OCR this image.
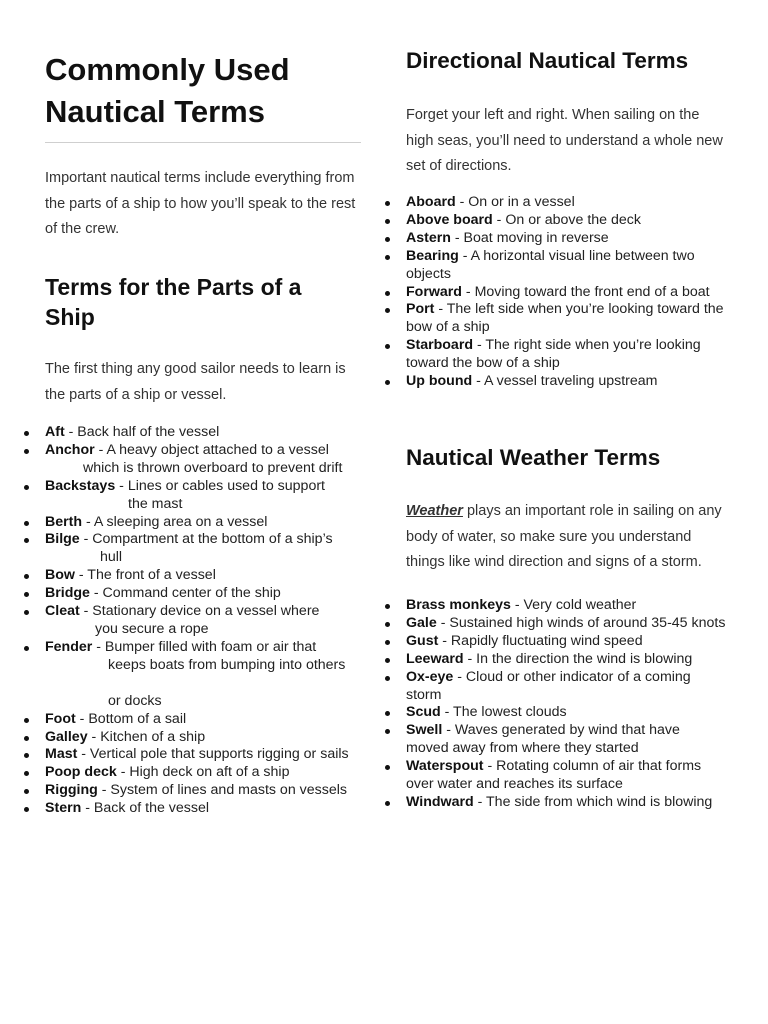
Commonly Used
Nautical Terms

Important nautical terms include everything from the parts of a ship to how you’ll speak to the rest of the crew.

Terms for the Parts of a Ship

The first thing any good sailor needs to learn is the parts of a ship or vessel.

Aft - Back half of the vessel
Anchor - A heavy object attached to a vessel
which is thrown overboard to prevent drift
Backstays - Lines or cables used to support
the mast
Berth - A sleeping area on a vessel
Bilge - Compartment at the bottom of a ship’s
hull
Bow - The front of a vessel
Bridge - Command center of the ship
Cleat - Stationary device on a vessel where
you secure a rope
Fender - Bumper filled with foam or air that
keeps boats from bumping into others
or docks
Foot - Bottom of a sail
Galley - Kitchen of a ship
Mast - Vertical pole that supports rigging or sails
Poop deck - High deck on aft of a ship
Rigging - System of lines and masts on vessels
Stern - Back of the vessel
Directional Nautical Terms

Forget your left and right. When sailing on the high seas, you’ll need to understand a whole new set of directions.

Aboard - On or in a vessel
Above board - On or above the deck
Astern - Boat moving in reverse
Bearing - A horizontal visual line between two objects
Forward - Moving toward the front end of a boat
Port - The left side when you’re looking toward the bow of a ship
Starboard - The right side when you’re looking toward the bow of a ship
Up bound - A vessel traveling upstream
Nautical Weather Terms

Weather plays an important role in sailing on any body of water, so make sure you understand things like wind direction and signs of a storm.

Brass monkeys - Very cold weather
Gale - Sustained high winds of around 35-45 knots
Gust - Rapidly fluctuating wind speed
Leeward - In the direction the wind is blowing
Ox-eye - Cloud or other indicator of a coming storm
Scud - The lowest clouds
Swell - Waves generated by wind that have moved away from where they started
Waterspout - Rotating column of air that forms over water and reaches its surface
Windward - The side from which wind is blowing
